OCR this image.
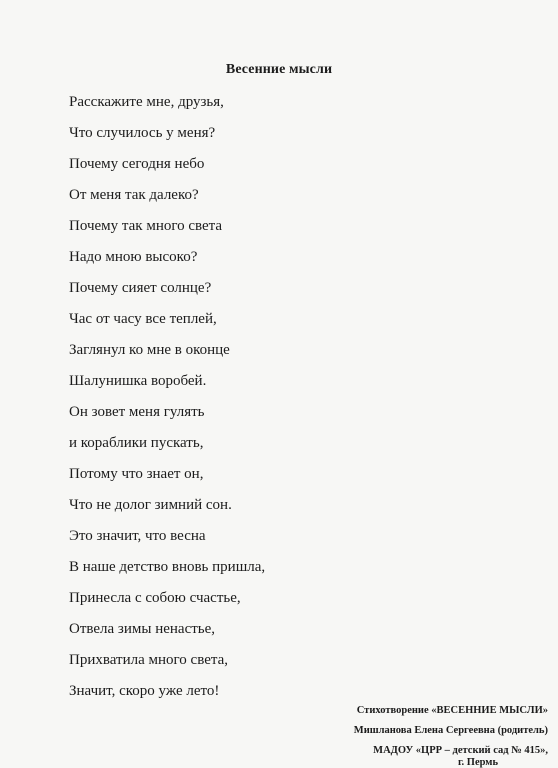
Весенние мысли
Расскажите мне, друзья,
Что случилось у меня?
Почему сегодня небо
От меня так далеко?
Почему так много света
Надо мною высоко?
Почему сияет солнце?
Час от часу все теплей,
Заглянул ко мне в оконце
Шалунишка воробей.
Он зовет меня гулять
и кораблики пускать,
Потому что знает он,
Что не долог зимний сон.
Это значит, что весна
В наше детство вновь пришла,
Принесла с собою счастье,
Отвела зимы ненастье,
Прихватила много света,
Значит, скоро уже лето!
Стихотворение «ВЕСЕННИЕ МЫСЛИ»
Мишланова Елена Сергеевна (родитель)
МАДОУ «ЦРР – детский сад № 415»,
г. Пермь
